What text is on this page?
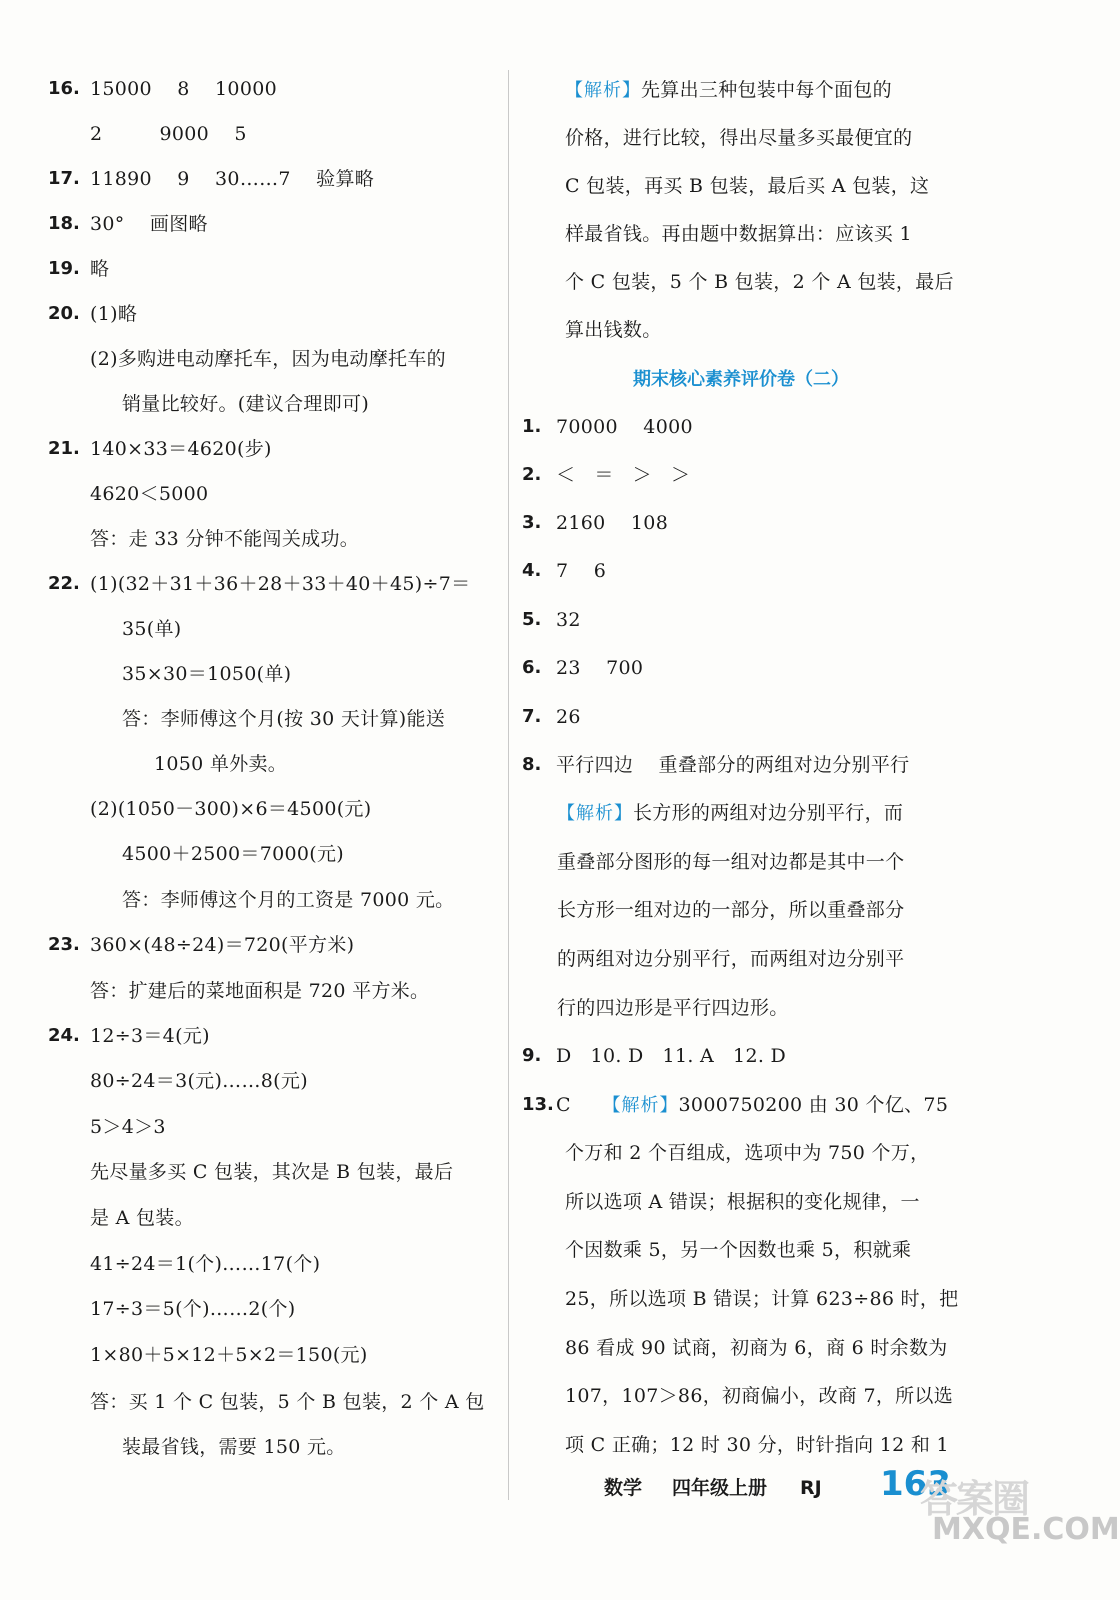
期末核心素养评价卷（二）
数学 四年级上册 RJ 163
答案圈
MXQE.COM
16. 15000    8    10000
2         9000    5
17. 11890    9    30……7    验算略
18. 30°    画图略
19. 略
20. (1)略
(2)多购进电动摩托车，因为电动摩托车的
销量比较好。(建议合理即可)
21. 140×33＝4620(步)
4620＜5000
答：走 33 分钟不能闯关成功。
22. (1)(32＋31＋36＋28＋33＋40＋45)÷7＝
35(单)
35×30＝1050(单)
答：李师傅这个月(按 30 天计算)能送
1050 单外卖。
(2)(1050－300)×6＝4500(元)
4500＋2500＝7000(元)
答：李师傅这个月的工资是 7000 元。
23. 360×(48÷24)＝720(平方米)
答：扩建后的菜地面积是 720 平方米。
24. 12÷3＝4(元)
80÷24＝3(元)……8(元)
5＞4＞3
先尽量多买 C 包装，其次是 B 包装，最后
是 A 包装。
41÷24＝1(个)……17(个)
17÷3＝5(个)……2(个)
1×80＋5×12＋5×2＝150(元)
答：买 1 个 C 包装，5 个 B 包装，2 个 A 包
装最省钱，需要 150 元。
【解析】先算出三种包装中每个面包的
价格，进行比较，得出尽量多买最便宜的
C 包装，再买 B 包装，最后买 A 包装，这
样最省钱。再由题中数据算出：应该买 1
个 C 包装，5 个 B 包装，2 个 A 包装，最后
算出钱数。
1. 70000    4000
2. ＜   ＝   ＞   ＞
3. 2160    108
4. 7    6
5. 32
6. 23    700
7. 26
8. 平行四边    重叠部分的两组对边分别平行
【解析】长方形的两组对边分别平行，而
重叠部分图形的每一组对边都是其中一个
长方形一组对边的一部分，所以重叠部分
的两组对边分别平行，而两组对边分别平
行的四边形是平行四边形。
9. D   10. D   11. A   12. D
13. C     【解析】3000750200 由 30 个亿、75
个万和 2 个百组成，选项中为 750 个万，
所以选项 A 错误；根据积的变化规律，一
个因数乘 5，另一个因数也乘 5，积就乘
25，所以选项 B 错误；计算 623÷86 时，把
86 看成 90 试商，初商为 6，商 6 时余数为
107，107＞86，初商偏小，改商 7，所以选
项 C 正确；12 时 30 分，时针指向 12 和 1
